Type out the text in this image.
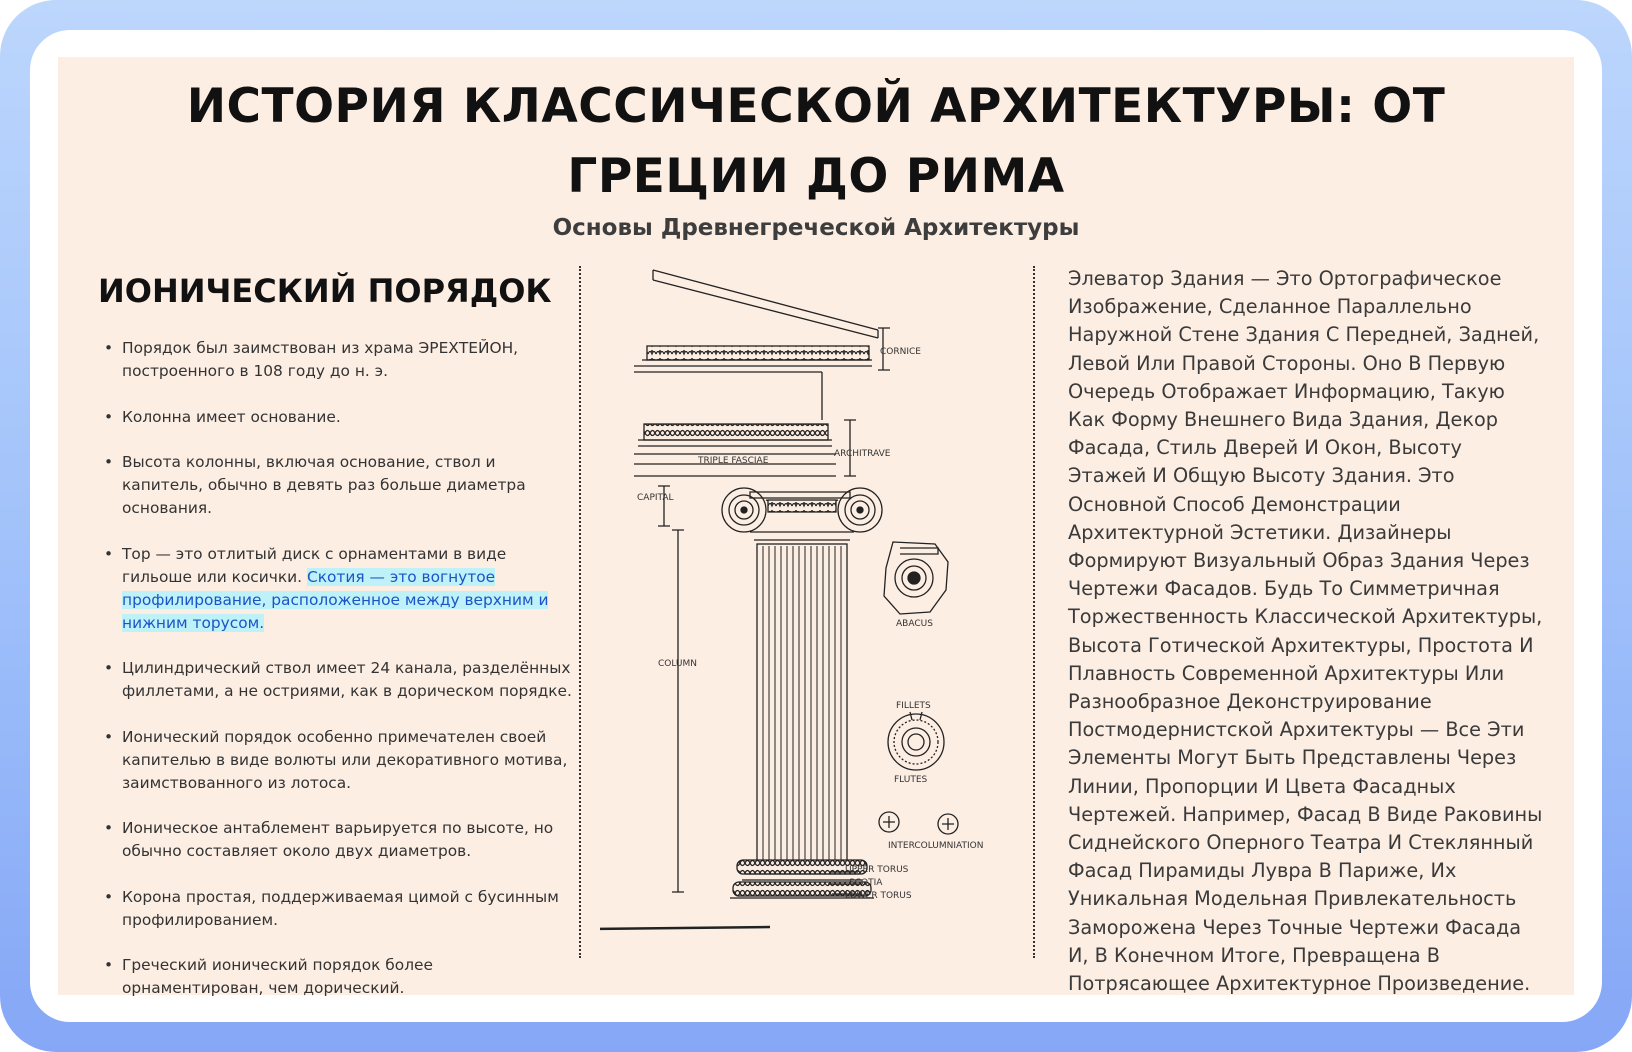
ИСТОРИЯ КЛАССИЧЕСКОЙ АРХИТЕКТУРЫ: ОТ
ГРЕЦИИ ДО РИМА
Основы Древнегреческой Архитектуры
ИОНИЧЕСКИЙ ПОРЯДОК
• Порядок был заимствован из храма ЭРЕХТЕЙОН, построенного в 108 году до н. э.
• Колонна имеет основание.
• Высота колонны, включая основание, ствол и капитель, обычно в девять раз больше диаметра основания.
• Тор — это отлитый диск с орнаментами в виде гильоше или косички. Скотия — это вогнутое профилирование, расположенное между верхним и нижним торусом.
• Цилиндрический ствол имеет 24 канала, разделённых филлетами, а не остриями, как в дорическом порядке.
• Ионический порядок особенно примечателен своей капителью в виде волюты или декоративного мотива, заимствованного из лотоса.
• Ионическое антаблемент варьируется по высоте, но обычно составляет около двух диаметров.
• Корона простая, поддерживаемая цимой с бусинным профилированием.
• Греческий ионический порядок более орнаментирован, чем дорический.
CORNICE
ARCHITRAVE
TRIPLE FASCIAE
CAPITAL
COLUMN
ABACUS
FILLETS
FLUTES
INTERCOLUMNIATION
UPPER TORUS
SCOTIA
LOWER TORUS
Элеватор Здания — Это Ортографическое Изображение, Сделанное Параллельно Наружной Стене Здания С Передней, Задней, Левой Или Правой Стороны. Оно В Первую Очередь Отображает Информацию, Такую Как Форму Внешнего Вида Здания, Декор Фасада, Стиль Дверей И Окон, Высоту Этажей И Общую Высоту Здания. Это Основной Способ Демонстрации Архитектурной Эстетики. Дизайнеры Формируют Визуальный Образ Здания Через Чертежи Фасадов. Будь То Симметричная Торжественность Классической Архитектуры, Высота Готической Архитектуры, Простота И Плавность Современной Архитектуры Или Разнообразное Деконструирование Постмодернистской Архитектуры — Все Эти Элементы Могут Быть Представлены Через Линии, Пропорции И Цвета Фасадных Чертежей. Например, Фасад В Виде Раковины Сиднейского Оперного Театра И Стеклянный Фасад Пирамиды Лувра В Париже, Их Уникальная Модельная Привлекательность Заморожена Через Точные Чертежи Фасада И, В Конечном Итоге, Превращена В Потрясающее Архитектурное Произведение.
